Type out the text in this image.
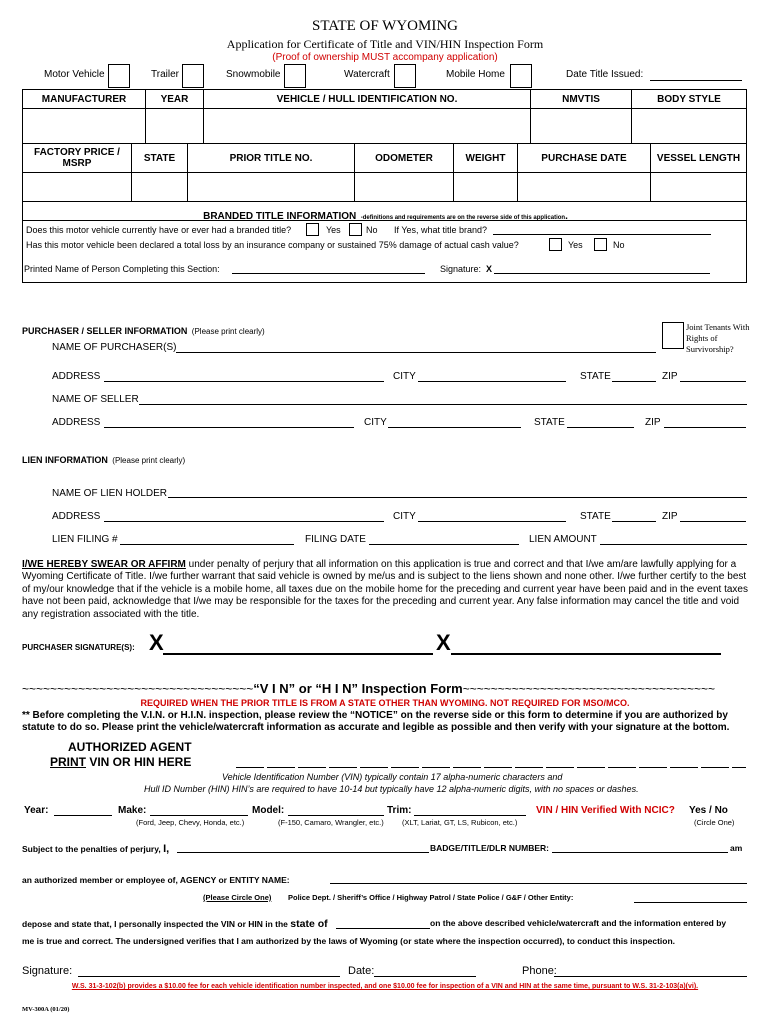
STATE OF WYOMING
Application for Certificate of Title and VIN/HIN Inspection Form
(Proof of ownership MUST accompany application)
Motor Vehicle	Trailer	Snowmobile	Watercraft	Mobile Home	Date Title Issued:
MANUFACTURER	YEAR	VEHICLE / HULL IDENTIFICATION NO.	NMVTIS	BODY STYLE
FACTORY PRICE / MSRP	STATE	PRIOR TITLE NO.	ODOMETER	WEIGHT	PURCHASE DATE	VESSEL LENGTH
BRANDED TITLE INFORMATION -definitions and requirements are on the reverse side of this application.
Does this motor vehicle currently have or ever had a branded title?	Yes	No If Yes, what title brand?
Has this motor vehicle been declared a total loss by an insurance company or sustained 75% damage of actual cash value?	Yes	No
Printed Name of Person Completing this Section:	Signature: X
PURCHASER / SELLER INFORMATION (Please print clearly)	Joint Tenants With Rights of Survivorship?
NAME OF PURCHASER(S)
ADDRESS	CITY	STATE	ZIP
NAME OF SELLER
ADDRESS	CITY	STATE	ZIP
LIEN INFORMATION (Please print clearly)
NAME OF LIEN HOLDER
ADDRESS	CITY	STATE	ZIP
LIEN FILING #	FILING DATE	LIEN AMOUNT
I/WE HEREBY SWEAR OR AFFIRM under penalty of perjury that all information on this application is true and correct and that I/we am/are lawfully applying for a Wyoming Certificate of Title. I/we further warrant that said vehicle is owned by me/us and is subject to the liens shown and none other. I/we further certify to the best of my/our knowledge that if the vehicle is a mobile home, all taxes due on the mobile home for the preceding and current year have been paid and in the event taxes have not been paid, acknowledge that I/we may be responsible for the taxes for the preceding and current year. Any false information may cancel the title and void any registration associated with the title.
PURCHASER SIGNATURE(S): X	X
~~~~~~~~~~~~~~~~~~~~~~~~~~~~~~~~~“V I N” or “H I N” Inspection Form~~~~~~~~~~~~~~~~~~~~~~~~~~~~~~~~~~~~
REQUIRED WHEN THE PRIOR TITLE IS FROM A STATE OTHER THAN WYOMING. NOT REQUIRED FOR MSO/MCO.
** Before completing the V.I.N. or H.I.N. inspection, please review the “NOTICE” on the reverse side or this form to determine if you are authorized by statute to do so. Please print the vehicle/watercraft information as accurate and legible as possible and then verify with your signature at the bottom.
AUTHORIZED AGENT
PRINT VIN OR HIN HERE
Vehicle Identification Number (VIN) typically contain 17 alpha-numeric characters and
Hull ID Number (HIN) HIN’s are required to have 10-14 but typically have 12 alpha-numeric digits, with no spaces or dashes.
Year:	Make:	Model:	Trim:	VIN / HIN Verified With NCIC? Yes / No
(Ford, Jeep, Chevy, Honda, etc.)	(F-150, Camaro, Wrangler, etc.) (XLT, Lariat, GT, LS, Rubicon, etc.)	(Circle One)
Subject to the penalties of perjury, I,	BADGE/TITLE/DLR NUMBER:	am
an authorized member or employee of, AGENCY or ENTITY NAME:
(Please Circle One) Police Dept. / Sheriff’s Office / Highway Patrol / State Police / G&F / Other Entity:
depose and state that, I personally inspected the VIN or HIN in the state of	on the above described vehicle/watercraft and the information entered by
me is true and correct. The undersigned verifies that I am authorized by the laws of Wyoming (or state where the inspection occurred), to conduct this inspection.
Signature:	Date:	Phone:
W.S. 31-3-102(b) provides a $10.00 fee for each vehicle identification number inspected, and one $10.00 fee for inspection of a VIN and HIN at the same time, pursuant to W.S. 31-2-103(a)(vi).
MV-300A (01/20)
